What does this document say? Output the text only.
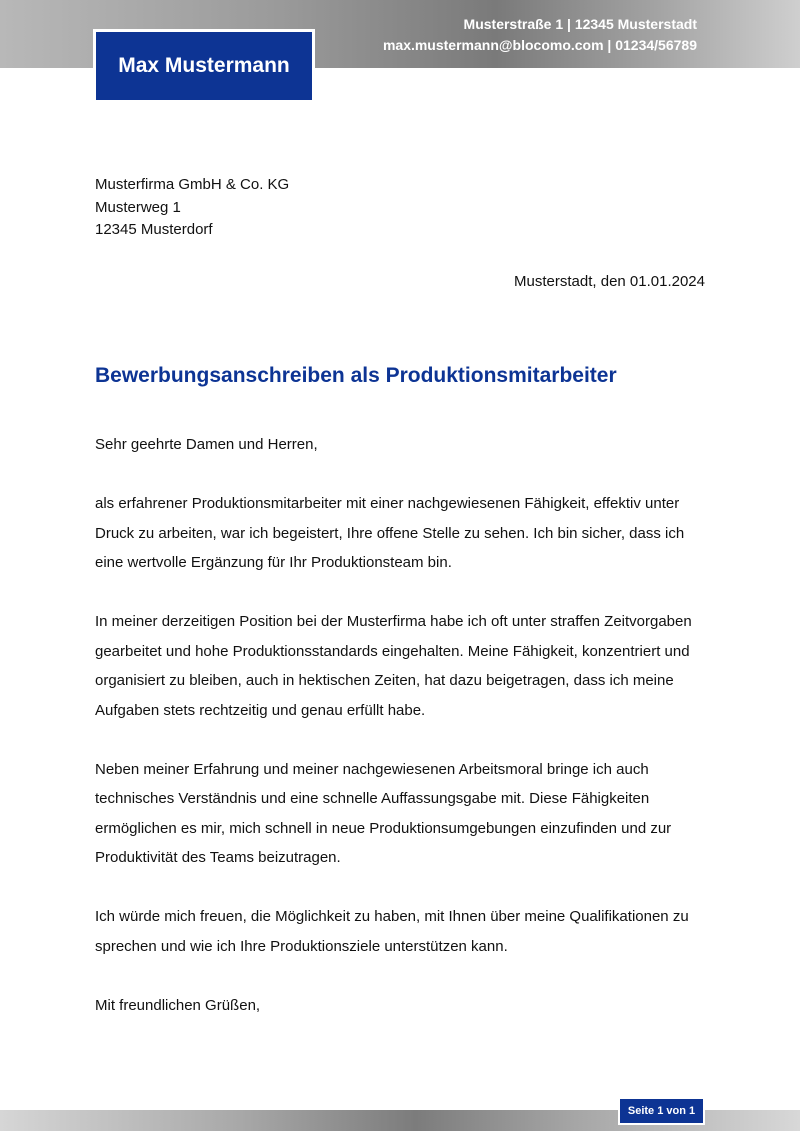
Musterstraße 1 | 12345 Musterstadt
max.mustermann@blocomo.com | 01234/56789
Max Mustermann
Musterfirma GmbH & Co. KG
Musterweg 1
12345 Musterdorf
Musterstadt, den 01.01.2024
Bewerbungsanschreiben als Produktionsmitarbeiter

Sehr geehrte Damen und Herren,

als erfahrener Produktionsmitarbeiter mit einer nachgewiesenen Fähigkeit, effektiv unter Druck zu arbeiten, war ich begeistert, Ihre offene Stelle zu sehen. Ich bin sicher, dass ich eine wertvolle Ergänzung für Ihr Produktionsteam bin.

In meiner derzeitigen Position bei der Musterfirma habe ich oft unter straffen Zeitvorgaben gearbeitet und hohe Produktionsstandards eingehalten. Meine Fähigkeit, konzentriert und organisiert zu bleiben, auch in hektischen Zeiten, hat dazu beigetragen, dass ich meine Aufgaben stets rechtzeitig und genau erfüllt habe.

Neben meiner Erfahrung und meiner nachgewiesenen Arbeitsmoral bringe ich auch technisches Verständnis und eine schnelle Auffassungsgabe mit. Diese Fähigkeiten ermöglichen es mir, mich schnell in neue Produktionsumgebungen einzufinden und zur Produktivität des Teams beizutragen.

Ich würde mich freuen, die Möglichkeit zu haben, mit Ihnen über meine Qualifikationen zu sprechen und wie ich Ihre Produktionsziele unterstützen kann.

Mit freundlichen Grüßen,

Seite 1 von 1
